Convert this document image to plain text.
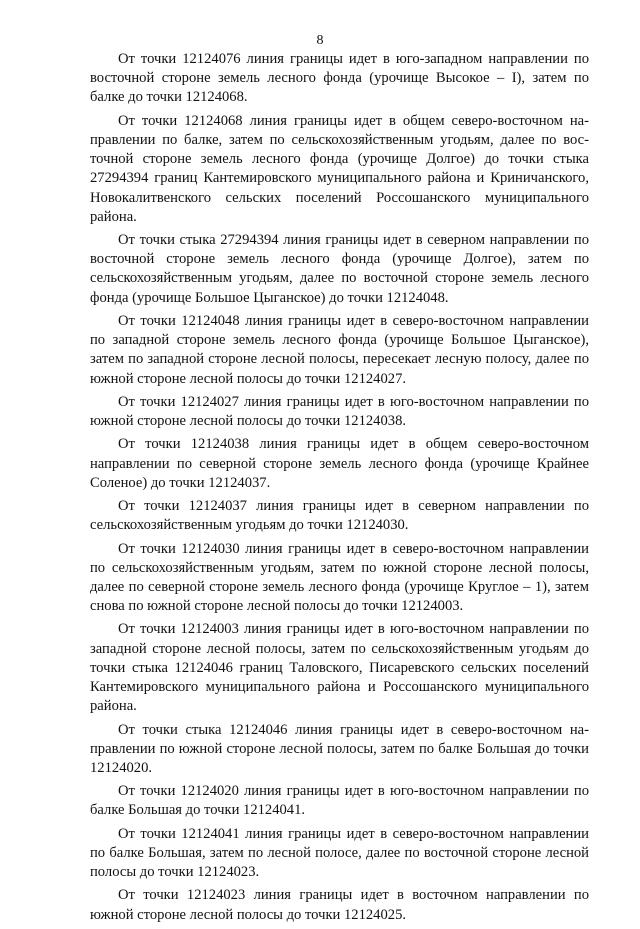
8

От точки 12124076 линия границы идет в юго-западном направлении по восточной стороне земель лесного фонда (урочище Высокое – I), затем по балке до точки 12124068.

От точки 12124068 линия границы идет в общем северо-восточном направлении по балке, затем по сельскохозяйственным угодьям, далее по восточной стороне земель лесного фонда (урочище Долгое) до точки стыка 27294394 границ Кантемировского муниципального района и Криничанского, Новокалитвенского сельских поселений Россошанского муниципального района.

От точки стыка 27294394 линия границы идет в северном направлении по восточной стороне земель лесного фонда (урочище Долгое), затем по сельскохозяйственным угодьям, далее по восточной стороне земель лесного фонда (урочище Большое Цыганское) до точки 12124048.

От точки 12124048 линия границы идет в северо-восточном направлении по западной стороне земель лесного фонда (урочище Большое Цыганское), затем по западной стороне лесной полосы, пересекает лесную полосу, далее по южной стороне лесной полосы до точки 12124027.

От точки 12124027 линия границы идет в юго-восточном направлении по южной стороне лесной полосы до точки 12124038.

От точки 12124038 линия границы идет в общем северо-восточном направлении по северной стороне земель лесного фонда (урочище Крайнее Соленое) до точки 12124037.

От точки 12124037 линия границы идет в северном направлении по сельскохозяйственным угодьям до точки 12124030.

От точки 12124030 линия границы идет в северо-восточном направлении по сельскохозяйственным угодьям, затем по южной стороне лесной полосы, далее по северной стороне земель лесного фонда (урочище Круглое – 1), затем снова по южной стороне лесной полосы до точки 12124003.

От точки 12124003 линия границы идет в юго-восточном направлении по западной стороне лесной полосы, затем по сельскохозяйственным угодьям до точки стыка 12124046 границ Таловского, Писаревского сельских поселений Кантемировского муниципального района и Россошанского муниципального района.

От точки стыка 12124046 линия границы идет в северо-восточном направлении по южной стороне лесной полосы, затем по балке Большая до точки 12124020.

От точки 12124020 линия границы идет в юго-восточном направлении по балке Большая до точки 12124041.

От точки 12124041 линия границы идет в северо-восточном направлении по балке Большая, затем по лесной полосе, далее по восточной стороне лесной полосы до точки 12124023.

От точки 12124023 линия границы идет в восточном направлении по южной стороне лесной полосы до точки 12124025.
